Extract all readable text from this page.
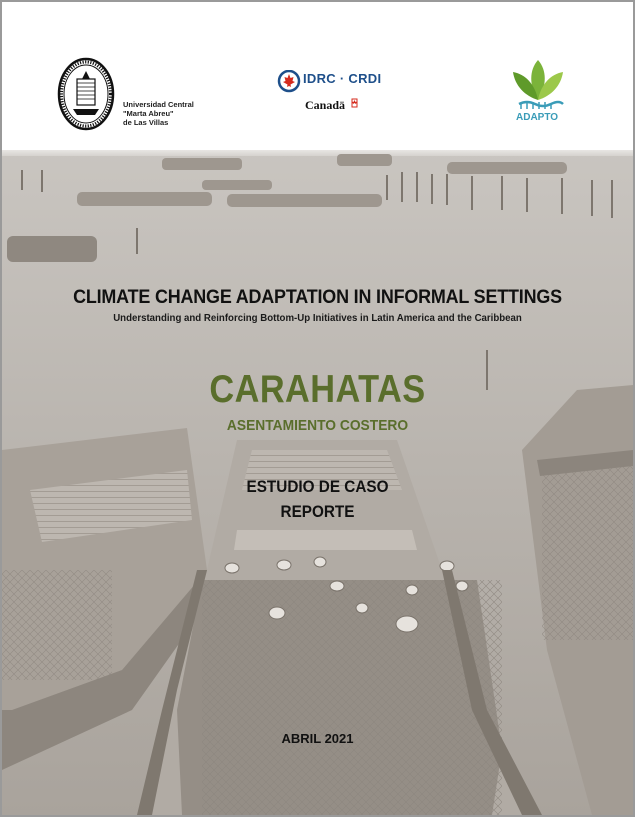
Universidad Central
"Marta Abreu"
de Las Villas
IDRC · CRDI
Canadä
ADAPTO
CLIMATE CHANGE ADAPTATION IN INFORMAL SETTINGS
Understanding and Reinforcing Bottom-Up Initiatives in Latin America and the Caribbean
CARAHATAS
ASENTAMIENTO COSTERO
ESTUDIO DE CASO
REPORTE
ABRIL 2021
